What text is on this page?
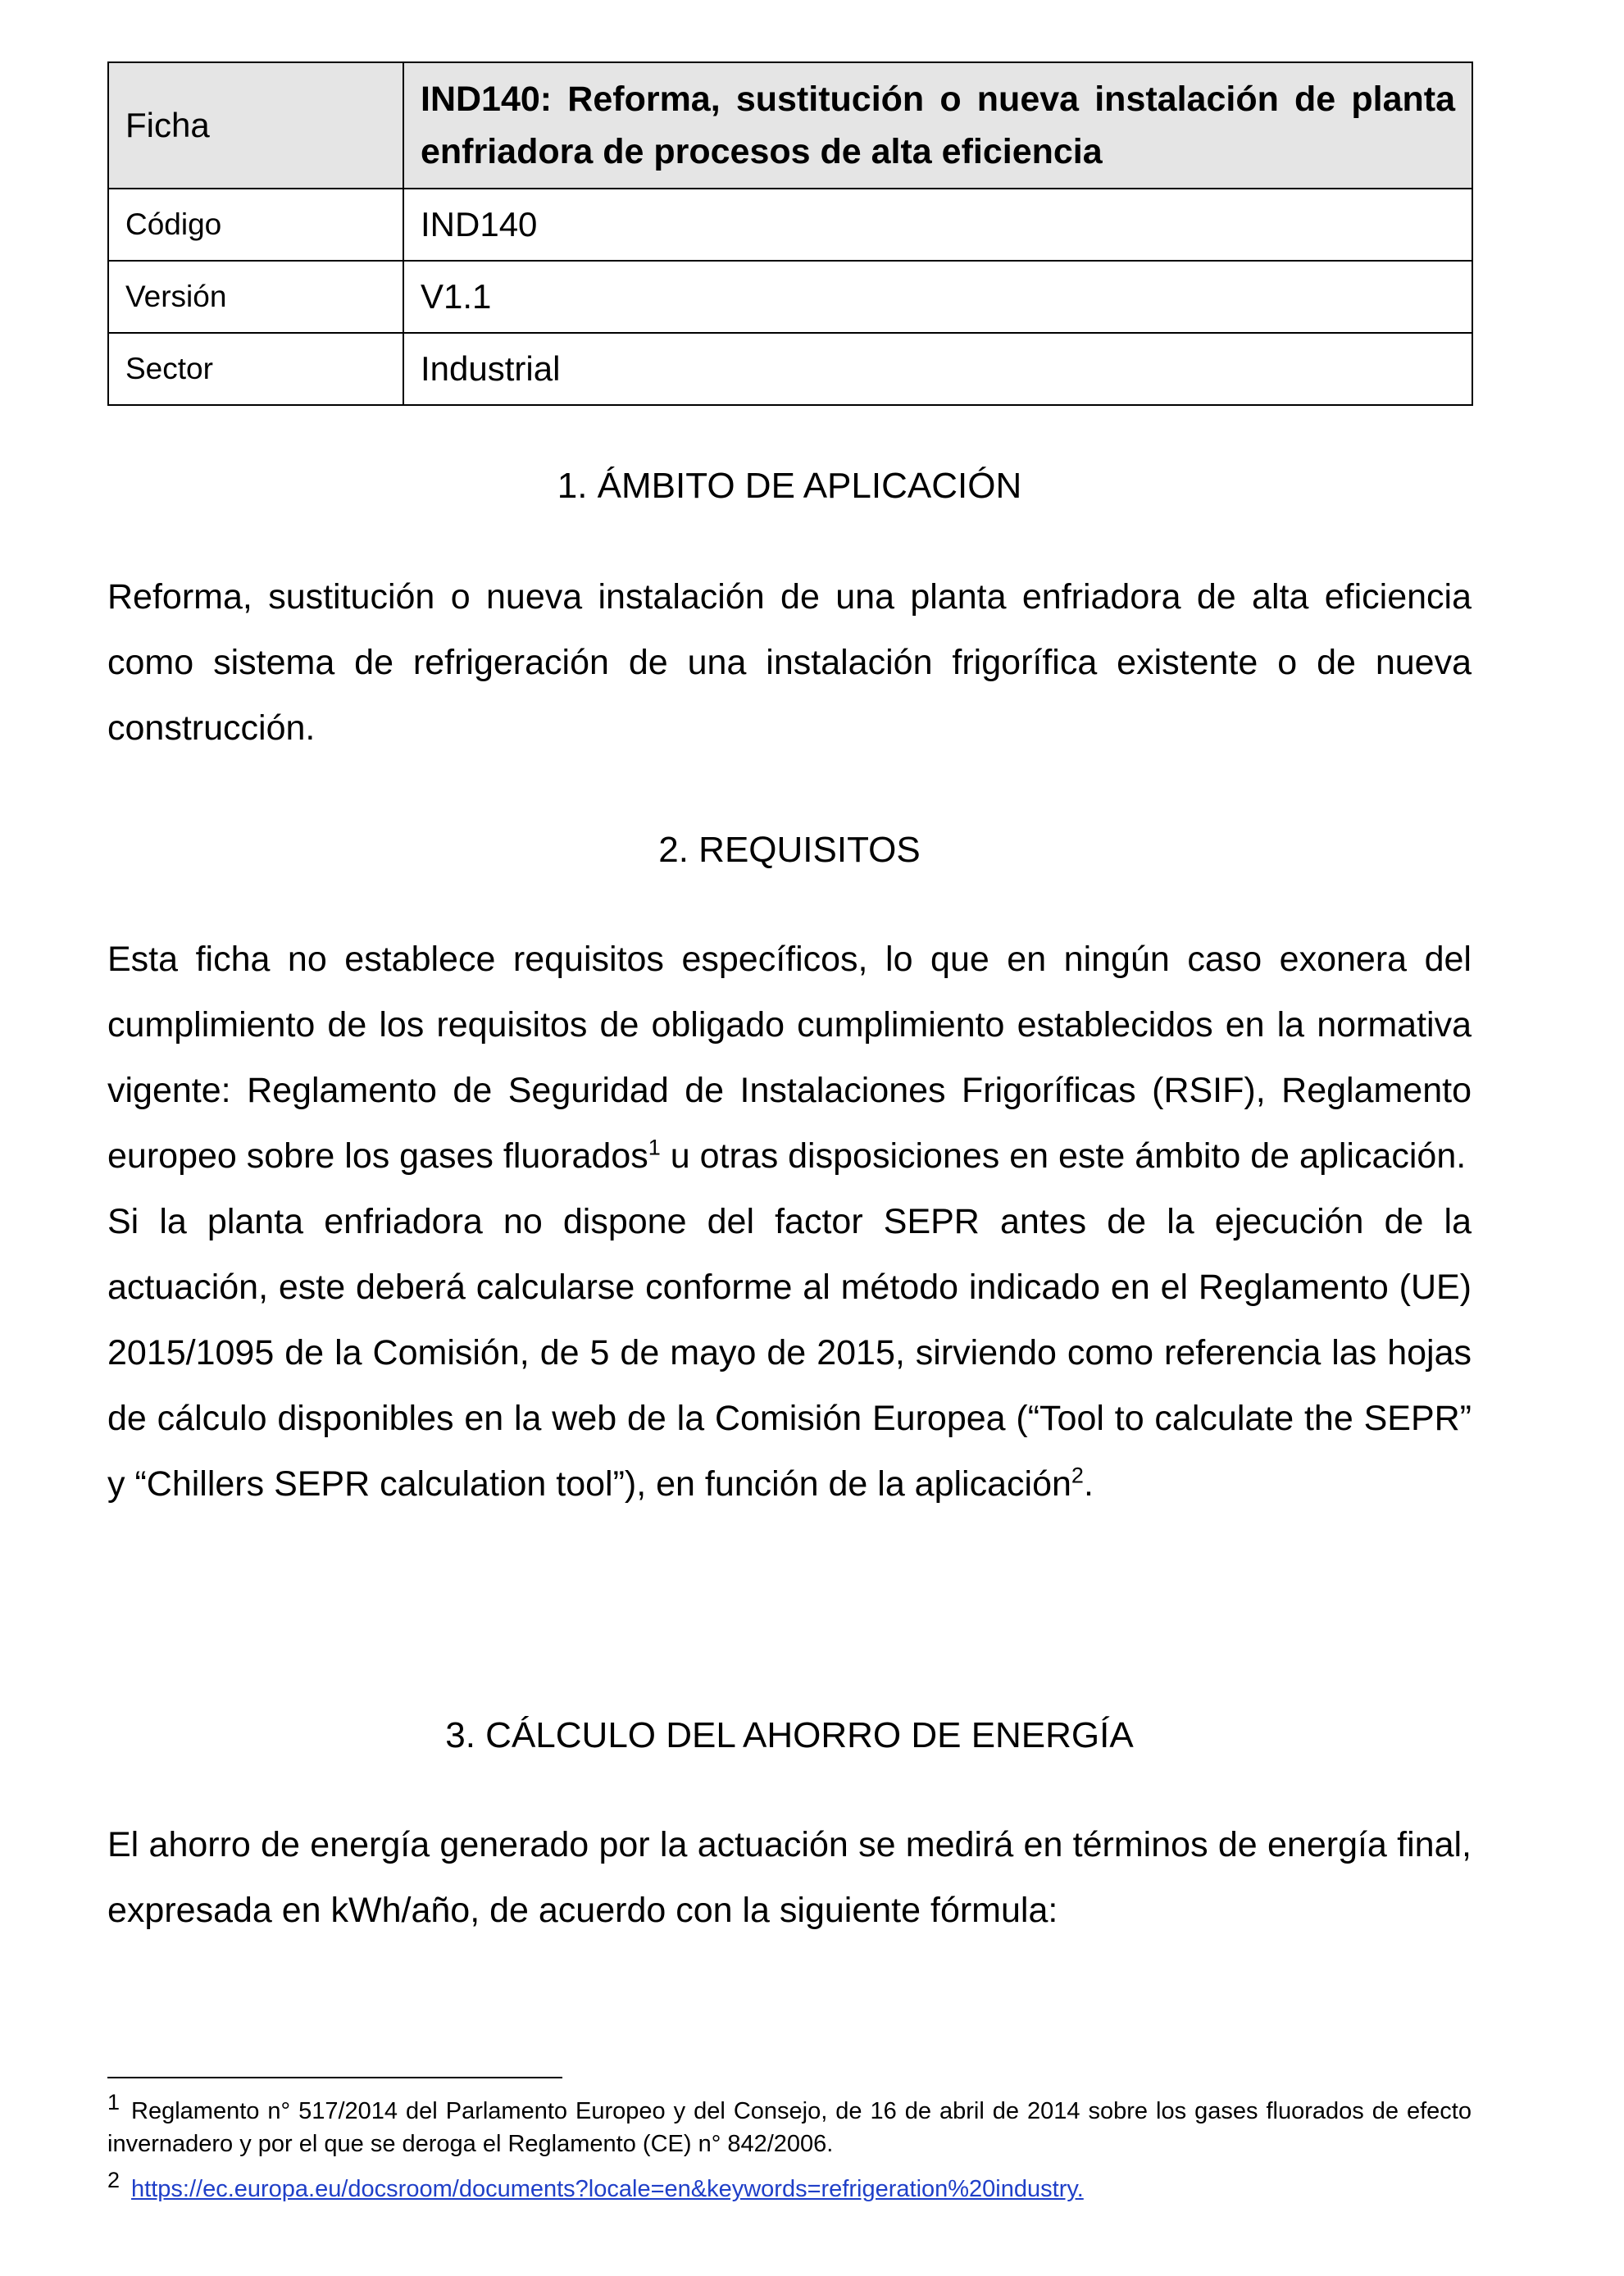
Ficha	IND140: Reforma, sustitución o nueva instalación de planta enfriadora de procesos de alta eficiencia
Código	IND140
Versión	V1.1
Sector	Industrial
1. ÁMBITO DE APLICACIÓN

Reforma, sustitución o nueva instalación de una planta enfriadora de alta eficiencia como sistema de refrigeración de una instalación frigorífica existente o de nueva construcción.

2. REQUISITOS

Esta ficha no establece requisitos específicos, lo que en ningún caso exonera del cumplimiento de los requisitos de obligado cumplimiento establecidos en la normativa vigente: Reglamento de Seguridad de Instalaciones Frigoríficas (RSIF), Reglamento europeo sobre los gases fluorados$^1$ u otras disposiciones en este ámbito de aplicación.

Si la planta enfriadora no dispone del factor SEPR antes de la ejecución de la actuación, este deberá calcularse conforme al método indicado en el Reglamento (UE) 2015/1095 de la Comisión, de 5 de mayo de 2015, sirviendo como referencia las hojas de cálculo disponibles en la web de la Comisión Europea (“Tool to calculate the SEPR” y “Chillers SEPR calculation tool”), en función de la aplicación$^2$.

3. CÁLCULO DEL AHORRO DE ENERGÍA

El ahorro de energía generado por la actuación se medirá en términos de energía final, expresada en kWh/año, de acuerdo con la siguiente fórmula:

1 Reglamento n° 517/2014 del Parlamento Europeo y del Consejo, de 16 de abril de 2014 sobre los gases fluorados de efecto invernadero y por el que se deroga el Reglamento (CE) n° 842/2006.
2 https://ec.europa.eu/docsroom/documents?locale=en&keywords=refrigeration%20industry.
